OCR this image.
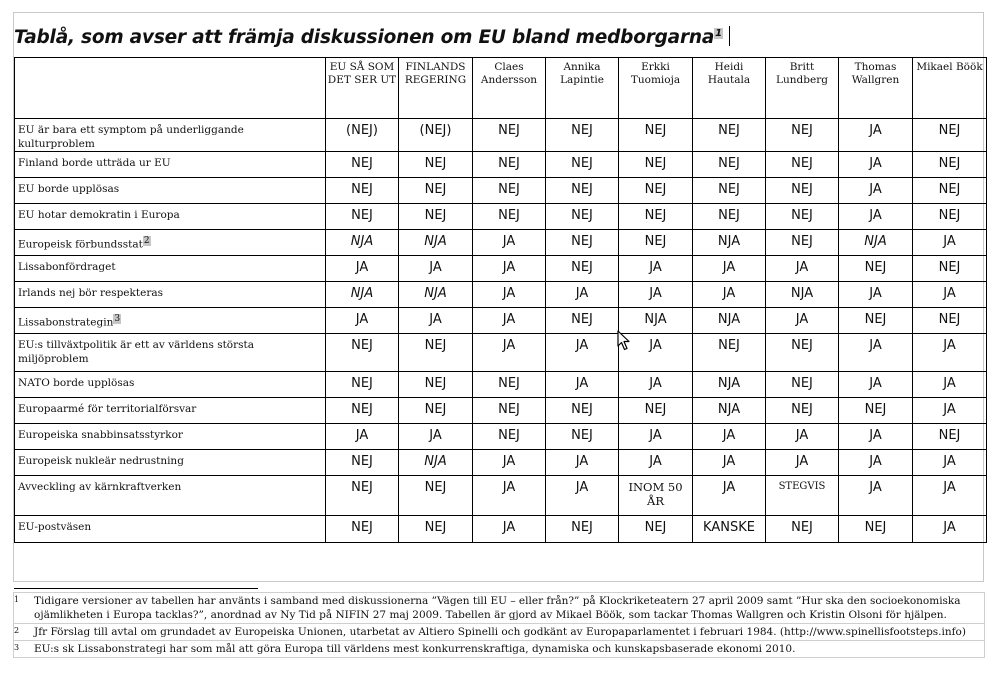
Tablå, som avser att främja diskussionen om EU bland medborgarna$^1$
	EU SÅ SOM DET SER UT	FINLANDS REGERING	Claes Andersson	Annika Lapintie	Erkki Tuomioja	Heidi Hautala	Britt Lundberg	Thomas Wallgren	Mikael Böök
EU är bara ett symptom på underliggande kulturproblem	(NEJ)	(NEJ)	NEJ	NEJ	NEJ	NEJ	NEJ	JA	NEJ
Finland borde utträda ur EU	NEJ	NEJ	NEJ	NEJ	NEJ	NEJ	NEJ	JA	NEJ
EU borde upplösas	NEJ	NEJ	NEJ	NEJ	NEJ	NEJ	NEJ	JA	NEJ
EU hotar demokratin i Europa	NEJ	NEJ	NEJ	NEJ	NEJ	NEJ	NEJ	JA	NEJ
Europeisk förbundsstat2	NJA	NJA	JA	NEJ	NEJ	NJA	NEJ	NJA	JA
Lissabonfördraget	JA	JA	JA	NEJ	JA	JA	JA	NEJ	NEJ
Irlands nej bör respekteras	NJA	NJA	JA	JA	JA	JA	NJA	JA	JA
Lissabonstrategin3	JA	JA	JA	NEJ	NJA	NJA	JA	NEJ	NEJ
EU:s tillväxtpolitik är ett av världens största miljöproblem	NEJ	NEJ	JA	JA	JA	NEJ	NEJ	JA	JA
NATO borde upplösas	NEJ	NEJ	NEJ	JA	JA	NJA	NEJ	JA	JA
Europaarmé för territorialförsvar	NEJ	NEJ	NEJ	NEJ	NEJ	NJA	NEJ	NEJ	JA
Europeiska snabbinsatsstyrkor	JA	JA	NEJ	NEJ	JA	JA	JA	JA	NEJ
Europeisk nukleär nedrustning	NEJ	NJA	JA	JA	JA	JA	JA	JA	JA
Avveckling av kärnkraftverken	NEJ	NEJ	JA	JA	INOM 50 ÅR	JA	STEGVIS	JA	JA
EU-postväsen	NEJ	NEJ	JA	NEJ	NEJ	KANSKE	NEJ	NEJ	JA
1 Tidigare versioner av tabellen har använts i samband med diskussionerna ”Vägen till EU – eller från?” på Klockriketeatern 27 april 2009 samt ”Hur ska den socioekonomiska ojämlikheten i Europa tacklas?”, anordnad av Ny Tid på NIFIN 27 maj 2009. Tabellen är gjord av Mikael Böök, som tackar Thomas Wallgren och Kristin Olsoni för hjälpen.
2 Jfr Förslag till avtal om grundadet av Europeiska Unionen, utarbetat av Altiero Spinelli och godkänt av Europaparlamentet i februari 1984. (http://www.spinellisfootsteps.info)
3 EU:s sk Lissabonstrategi har som mål att göra Europa till världens mest konkurrenskraftiga, dynamiska och kunskapsbaserade ekonomi 2010.
